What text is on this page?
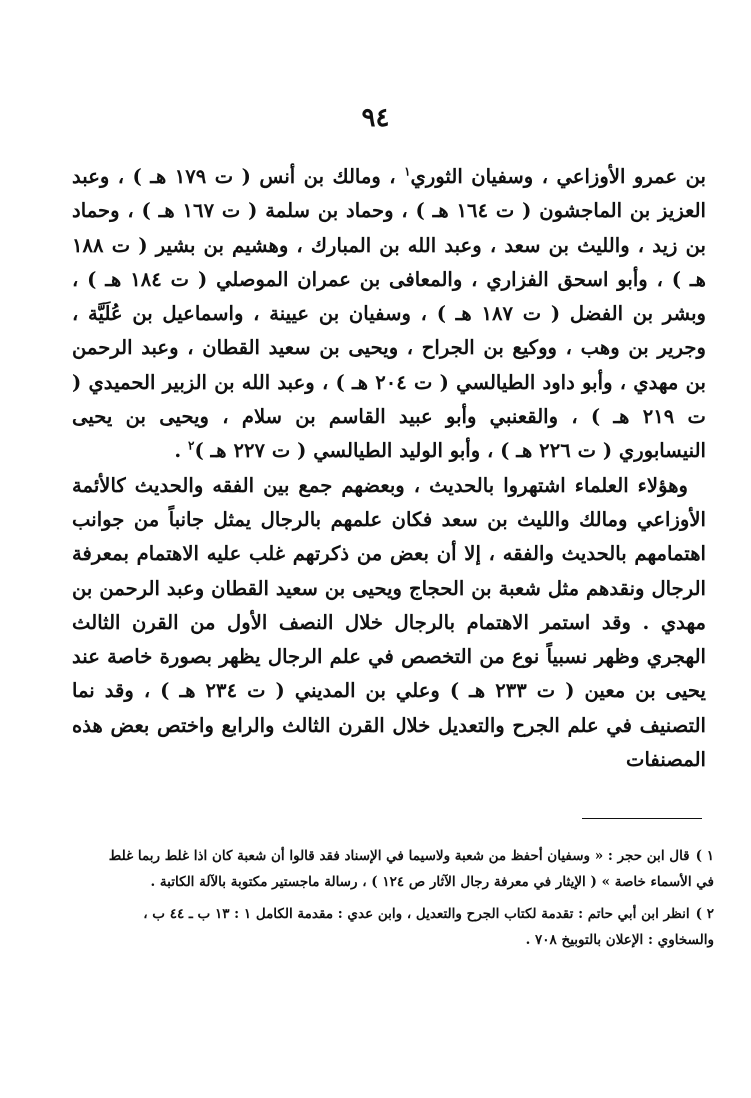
٩٤

بن عمرو الأوزاعي ، وسفيان الثوري$^١$ ، ومالك بن أنس ( ت ١٧٩ هـ ) ، وعبد العزيز بن الماجشون ( ت ١٦٤ هـ ) ، وحماد بن سلمة ( ت ١٦٧ هـ ) ، وحماد بن زيد ، والليث بن سعد ، وعبد الله بن المبارك ، وهشيم بن بشير ( ت ١٨٨ هـ ) ، وأبو اسحق الفزاري ، والمعافى بن عمران الموصلي ( ت ١٨٤ هـ ) ، وبشر بن الفضل ( ت ١٨٧ هـ ) ، وسفيان بن عيينة ، واسماعيل بن عُلَيَّة ، وجرير بن وهب ، ووكيع بن الجراح ، ويحيى بن سعيد القطان ، وعبد الرحمن بن مهدي ، وأبو داود الطيالسي ( ت ٢٠٤ هـ ) ، وعبد الله بن الزبير الحميدي ( ت ٢١٩ هـ ) ، والقعنبي وأبو عبيد القاسم بن سلام ، ويحيى بن يحيى النيسابوري ( ت ٢٢٦ هـ ) ، وأبو الوليد الطيالسي ( ت ٢٢٧ هـ )$^٢$ .

وهؤلاء العلماء اشتهروا بالحديث ، وبعضهم جمع بين الفقه والحديث كالأئمة الأوزاعي ومالك والليث بن سعد فكان علمهم بالرجال يمثل جانباً من جوانب اهتمامهم بالحديث والفقه ، إلا أن بعض من ذكرتهم غلب عليه الاهتمام بمعرفة الرجال ونقدهم مثل شعبة بن الحجاج ويحيى بن سعيد القطان وعبد الرحمن بن مهدي . وقد استمر الاهتمام بالرجال خلال النصف الأول من القرن الثالث الهجري وظهر نسبياً نوع من التخصص في علم الرجال يظهر بصورة خاصة عند يحيى بن معين ( ت ٢٣٣ هـ ) وعلي بن المديني ( ت ٢٣٤ هـ ) ، وقد نما التصنيف في علم الجرح والتعديل خلال القرن الثالث والرابع واختص بعض هذه المصنفات

١ )قال ابن حجر : « وسفيان أحفظ من شعبة ولاسيما في الإسناد فقد قالوا أن شعبة كان اذا غلط ربما غلط في الأسماء خاصة » ( الإيثار في معرفة رجال الآثار ص ١٢٤ ) ، رسالة ماجستير مكتوبة بالآلة الكاتبة .

٢ )انظر ابن أبي حاتم : تقدمة لكتاب الجرح والتعديل ، وابن عدي : مقدمة الكامل ١ : ١٣ ب ـ ٤٤ ب ، والسخاوي : الإعلان بالتوبيخ ٧٠٨ .
